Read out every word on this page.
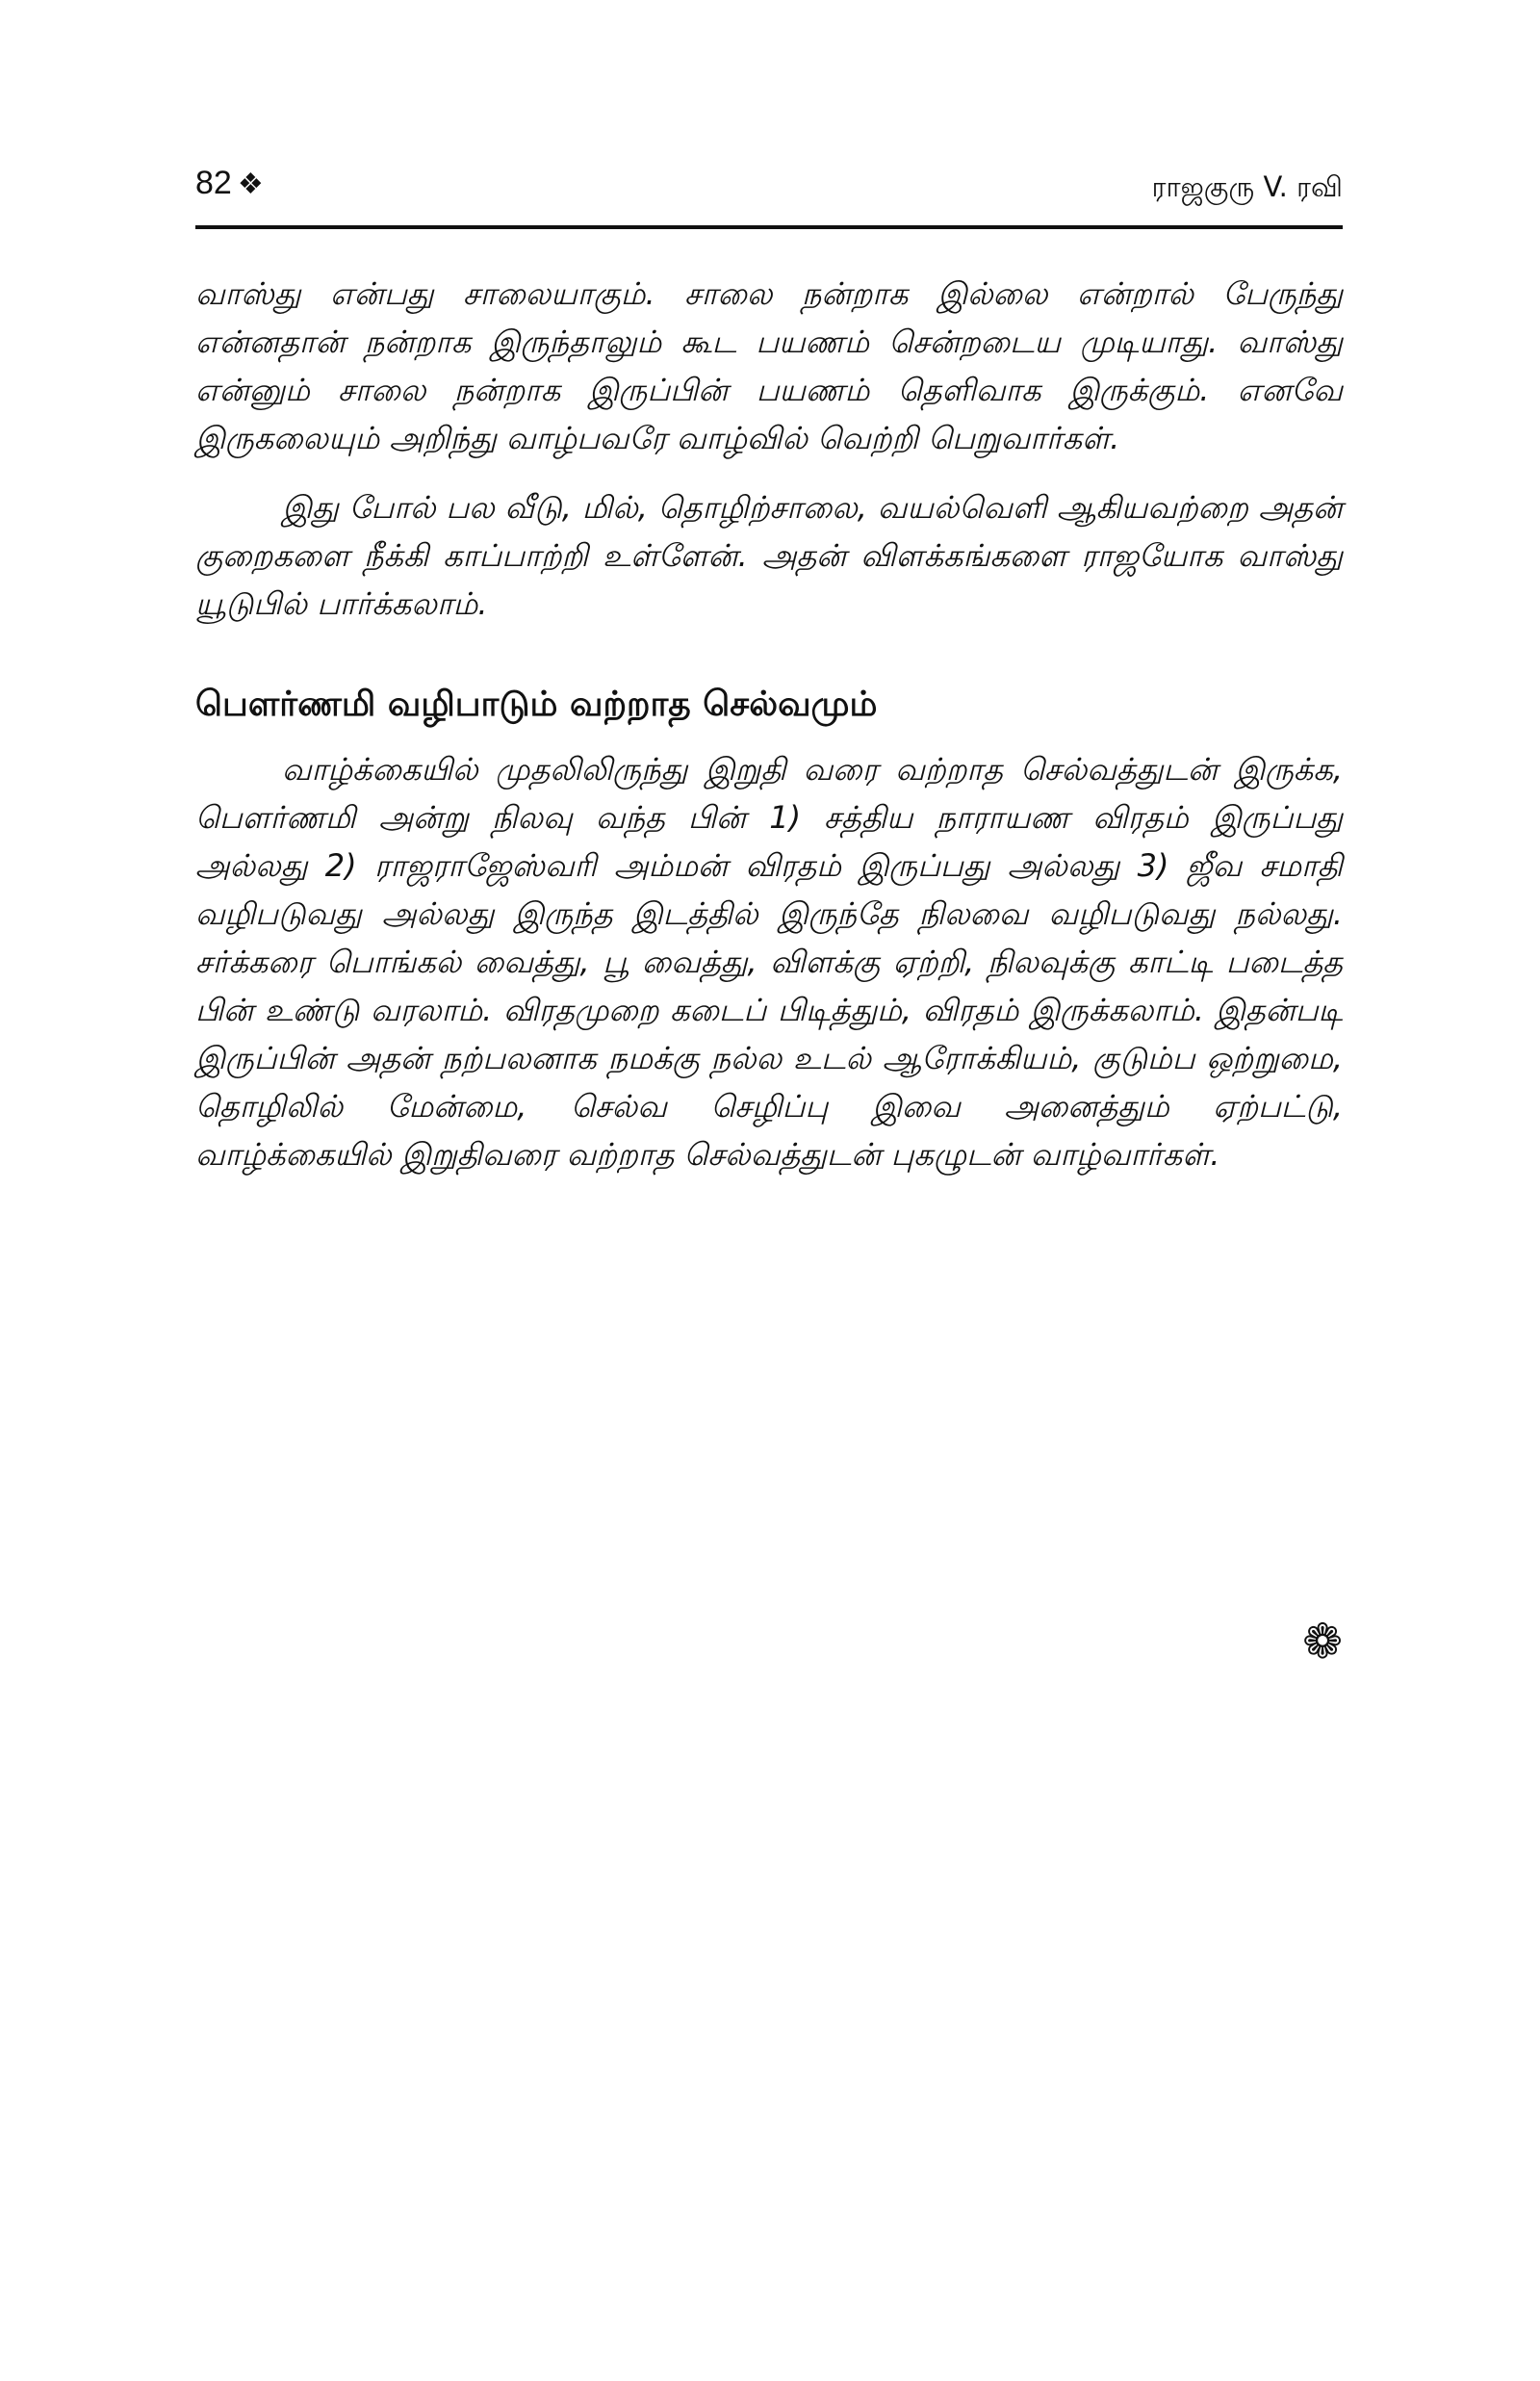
82 ❖	ராஜகுரு V. ரவி

வாஸ்து என்பது சாலையாகும். சாலை நன்றாக இல்லை என்றால் பேருந்து என்னதான் நன்றாக இருந்தாலும் கூட பயணம் சென்றடைய முடியாது. வாஸ்து என்னும் சாலை நன்றாக இருப்பின் பயணம் தெளிவாக இருக்கும். எனவே இருகலையும் அறிந்து வாழ்பவரே வாழ்வில் வெற்றி பெறுவார்கள்.

இது போல் பல வீடு, மில், தொழிற்சாலை, வயல்வெளி ஆகியவற்றை அதன் குறைகளை நீக்கி காப்பாற்றி உள்ளேன். அதன் விளக்கங்களை ராஜயோக வாஸ்து யூடுபில் பார்க்கலாம்.

பௌர்ணமி வழிபாடும் வற்றாத செல்வமும்

வாழ்க்கையில் முதலிலிருந்து இறுதி வரை வற்றாத செல்வத்துடன் இருக்க, பௌர்ணமி அன்று நிலவு வந்த பின் 1) சத்திய நாராயண விரதம் இருப்பது அல்லது 2) ராஜராஜேஸ்வரி அம்மன் விரதம் இருப்பது அல்லது 3) ஜீவ சமாதி வழிபடுவது அல்லது இருந்த இடத்தில் இருந்தே நிலவை வழிபடுவது நல்லது. சர்க்கரை பொங்கல் வைத்து, பூ வைத்து, விளக்கு ஏற்றி, நிலவுக்கு காட்டி படைத்த பின் உண்டு வரலாம். விரதமுறை கடைப் பிடித்தும், விரதம் இருக்கலாம். இதன்படி இருப்பின் அதன் நற்பலனாக நமக்கு நல்ல உடல் ஆரோக்கியம், குடும்ப ஒற்றுமை, தொழிலில் மேன்மை, செல்வ செழிப்பு இவை அனைத்தும் ஏற்பட்டு, வாழ்க்கையில் இறுதிவரை வற்றாத செல்வத்துடன் புகழுடன் வாழ்வார்கள்.

❁
